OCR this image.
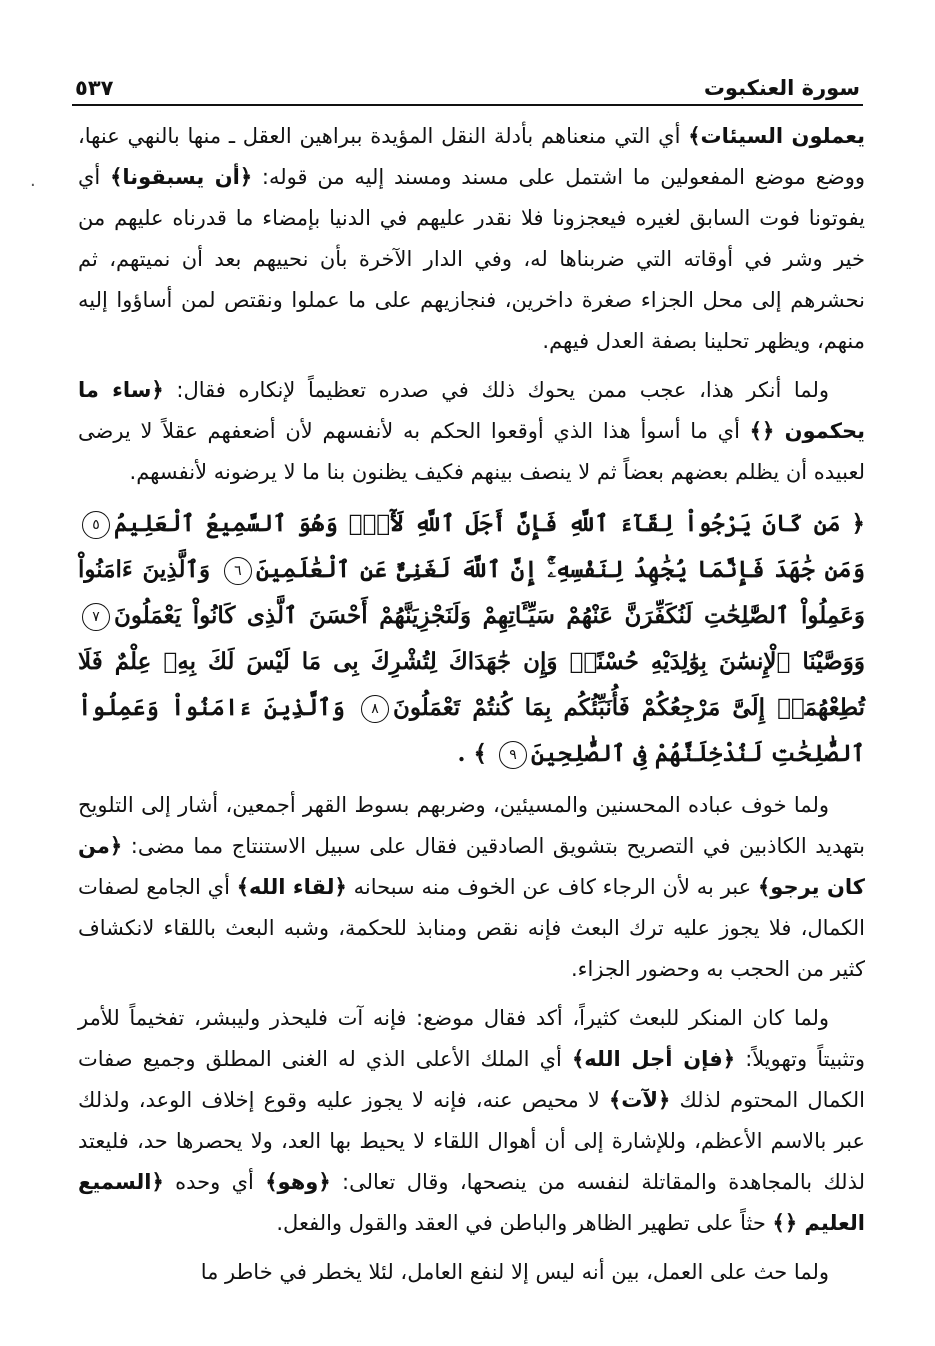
سورة العنكبوت
٥٣٧
·

يعملون السيئات﴾ أي التي منعناهم بأدلة النقل المؤيدة ببراهين العقل ـ منها بالنهي عنها، ووضع موضع المفعولين ما اشتمل على مسند ومسند إليه من قوله: ﴿أن يسبقونا﴾ أي يفوتونا فوت السابق لغيره فيعجزونا فلا نقدر عليهم في الدنيا بإمضاء ما قدرناه عليهم من خير وشر في أوقاته التي ضربناها له، وفي الدار الآخرة بأن نحييهم بعد أن نميتهم، ثم نحشرهم إلى محل الجزاء صغرة داخرين، فنجازيهم على ما عملوا ونقتص لمن أساؤوا إليه منهم، ويظهر تحلينا بصفة العدل فيهم.

ولما أنكر هذا، عجب ممن يحوك ذلك في صدره تعظيماً لإنكاره فقال: ﴿ساء ما يحكمون ﴿﴾ أي ما أسوأ هذا الذي أوقعوا الحكم به لأنفسهم لأن أضعفهم عقلاً لا يرضى لعبيده أن يظلم بعضهم بعضاً ثم لا ينصف بينهم فكيف يظنون بنا ما لا يرضونه لأنفسهم.

﴿ مَن كَانَ يَرْجُواْ لِقَآءَ ٱللَّهِ فَإِنَّ أَجَلَ ٱللَّهِ لَأٓتٍۚ وَهُوَ ٱلسَّمِيعُ ٱلْعَلِيمُ٥ وَمَن جَٰهَدَ فَإِنَّمَا يُجَٰهِدُ لِنَفْسِهِۦٓۚ إِنَّ ٱللَّهَ لَغَنِىٌّ عَنِ ٱلْعَٰلَمِينَ٦ وَٱلَّذِينَ ءَامَنُواْ وَعَمِلُواْ ٱلصَّٰلِحَٰتِ لَنُكَفِّرَنَّ عَنْهُمْ سَيِّـَٔاتِهِمْ وَلَنَجْزِيَنَّهُمْ أَحْسَنَ ٱلَّذِى كَانُواْ يَعْمَلُونَ٧ وَوَصَّيْنَا ٱلْإِنسَٰنَ بِوَٰلِدَيْهِ حُسْنًاۖ وَإِن جَٰهَدَاكَ لِتُشْرِكَ بِى مَا لَيْسَ لَكَ بِهِۦ عِلْمٌ فَلَا تُطِعْهُمَآۚ إِلَىَّ مَرْجِعُكُمْ فَأُنَبِّئُكُم بِمَا كُنتُمْ تَعْمَلُونَ٨ وَٱلَّذِينَ ءَامَنُواْ وَعَمِلُواْ ٱلصَّٰلِحَٰتِ لَنُدْخِلَنَّهُمْ فِى ٱلصَّٰلِحِينَ٩ ﴾ .

ولما خوف عباده المحسنين والمسيئين، وضربهم بسوط القهر أجمعين، أشار إلى التلويح بتهديد الكاذبين في التصريح بتشويق الصادقين فقال على سبيل الاستنتاج مما مضى: ﴿من كان يرجو﴾ عبر به لأن الرجاء كاف عن الخوف منه سبحانه ﴿لقاء الله﴾ أي الجامع لصفات الكمال، فلا يجوز عليه ترك البعث فإنه نقص ومنابذ للحكمة، وشبه البعث باللقاء لانكشاف كثير من الحجب به وحضور الجزاء.

ولما كان المنكر للبعث كثيراً، أكد فقال موضع: فإنه آت فليحذر وليبشر، تفخيماً للأمر وتثبيتاً وتهويلاً: ﴿فإن أجل الله﴾ أي الملك الأعلى الذي له الغنى المطلق وجميع صفات الكمال المحتوم لذلك ﴿لآت﴾ لا محيص عنه، فإنه لا يجوز عليه وقوع إخلاف الوعد، ولذلك عبر بالاسم الأعظم، وللإشارة إلى أن أهوال اللقاء لا يحيط بها العد، ولا يحصرها حد، فليعتد لذلك بالمجاهدة والمقاتلة لنفسه من ينصحها، وقال تعالى: ﴿وهو﴾ أي وحده ﴿السميع العليم ﴿﴾ حثاً على تطهير الظاهر والباطن في العقد والقول والفعل.

ولما حث على العمل، بين أنه ليس إلا لنفع العامل، لئلا يخطر في خاطر ما
